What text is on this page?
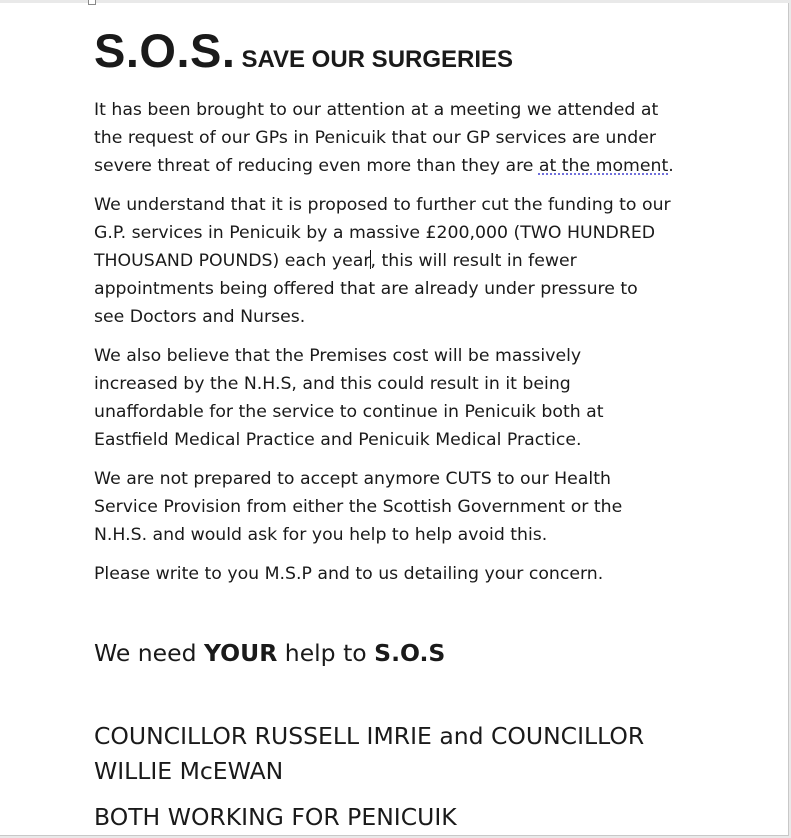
S.O.S. SAVE OUR SURGERIES

It has been brought to our attention at a meeting we attended at
the request of our GPs in Penicuik that our GP services are under
severe threat of reducing even more than they are at the moment.

We understand that it is proposed to further cut the funding to our
G.P. services in Penicuik by a massive £200,000 (TWO HUNDRED
THOUSAND POUNDS) each year, this will result in fewer
appointments being offered that are already under pressure to
see Doctors and Nurses.

We also believe that the Premises cost will be massively
increased by the N.H.S, and this could result in it being
unaffordable for the service to continue in Penicuik both at
Eastfield Medical Practice and Penicuik Medical Practice.

We are not prepared to accept anymore CUTS to our Health
Service Provision from either the Scottish Government or the
N.H.S. and would ask for you help to help avoid this.

Please write to you M.S.P and to us detailing your concern.

We need YOUR help to S.O.S

COUNCILLOR RUSSELL IMRIE and COUNCILLOR
WILLIE McEWAN

BOTH WORKING FOR PENICUIK
